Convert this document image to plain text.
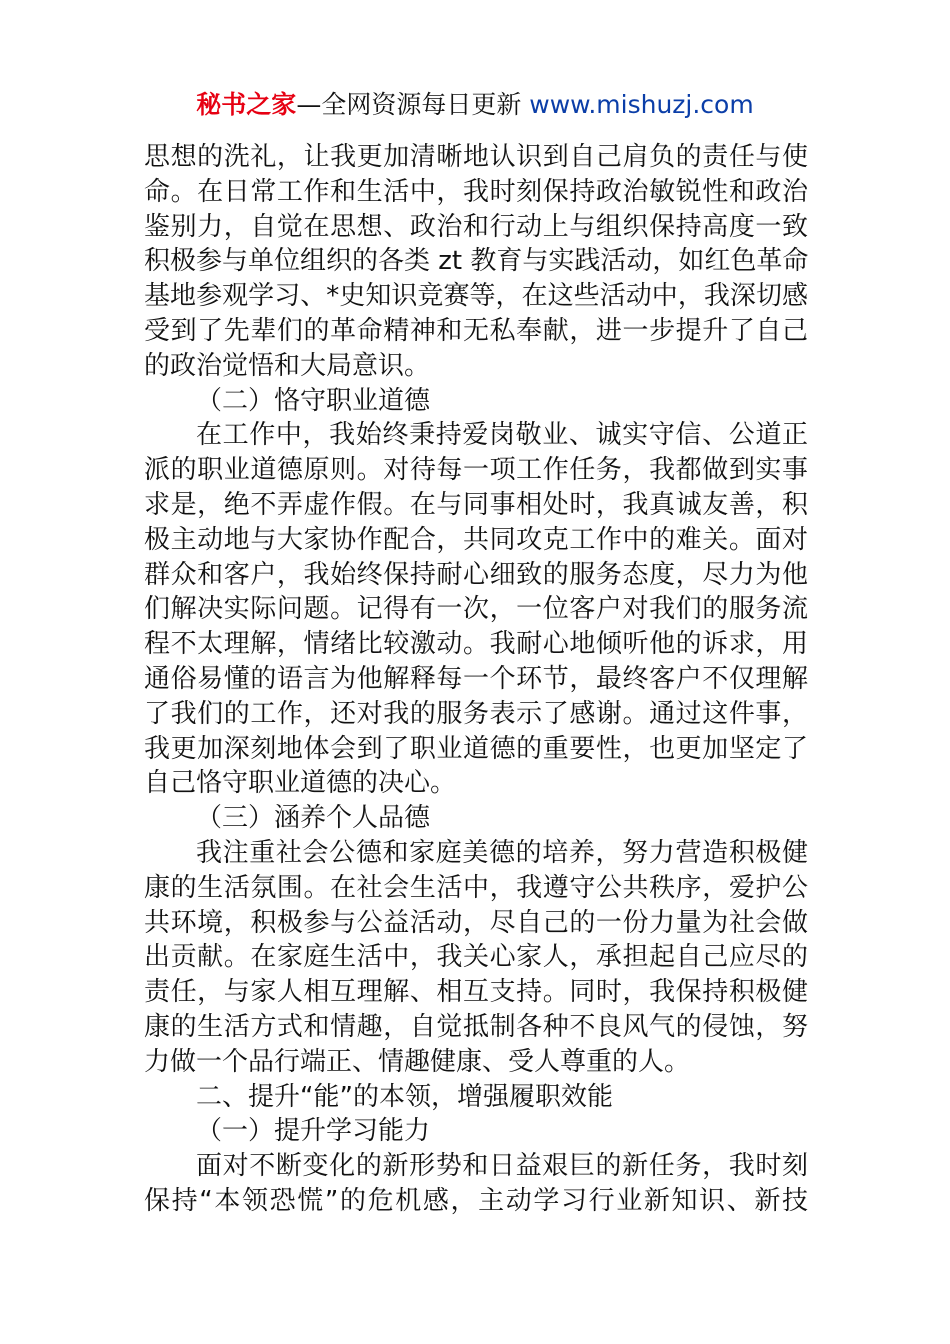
秘书之家—全网资源每日更新 www.mishuzj.com
思想的洗礼，让我更加清晰地认识到自己肩负的责任与使
命。在日常工作和生活中，我时刻保持政治敏锐性和政治
鉴别力，自觉在思想、政治和行动上与组织保持高度一致
积极参与单位组织的各类 zt 教育与实践活动，如红色革命
基地参观学习、*史知识竞赛等，在这些活动中，我深切感
受到了先辈们的革命精神和无私奉献，进一步提升了自己
的政治觉悟和大局意识。
（二）恪守职业道德
在工作中，我始终秉持爱岗敬业、诚实守信、公道正
派的职业道德原则。对待每一项工作任务，我都做到实事
求是，绝不弄虚作假。在与同事相处时，我真诚友善，积
极主动地与大家协作配合，共同攻克工作中的难关。面对
群众和客户，我始终保持耐心细致的服务态度，尽力为他
们解决实际问题。记得有一次，一位客户对我们的服务流
程不太理解，情绪比较激动。我耐心地倾听他的诉求，用
通俗易懂的语言为他解释每一个环节，最终客户不仅理解
了我们的工作，还对我的服务表示了感谢。通过这件事，
我更加深刻地体会到了职业道德的重要性，也更加坚定了
自己恪守职业道德的决心。
（三）涵养个人品德
我注重社会公德和家庭美德的培养，努力营造积极健
康的生活氛围。在社会生活中，我遵守公共秩序，爱护公
共环境，积极参与公益活动，尽自己的一份力量为社会做
出贡献。在家庭生活中，我关心家人，承担起自己应尽的
责任，与家人相互理解、相互支持。同时，我保持积极健
康的生活方式和情趣，自觉抵制各种不良风气的侵蚀，努
力做一个品行端正、情趣健康、受人尊重的人。
二、提升“能”的本领，增强履职效能
（一）提升学习能力
面对不断变化的新形势和日益艰巨的新任务，我时刻
保持“本领恐慌”的危机感，主动学习行业新知识、新技
